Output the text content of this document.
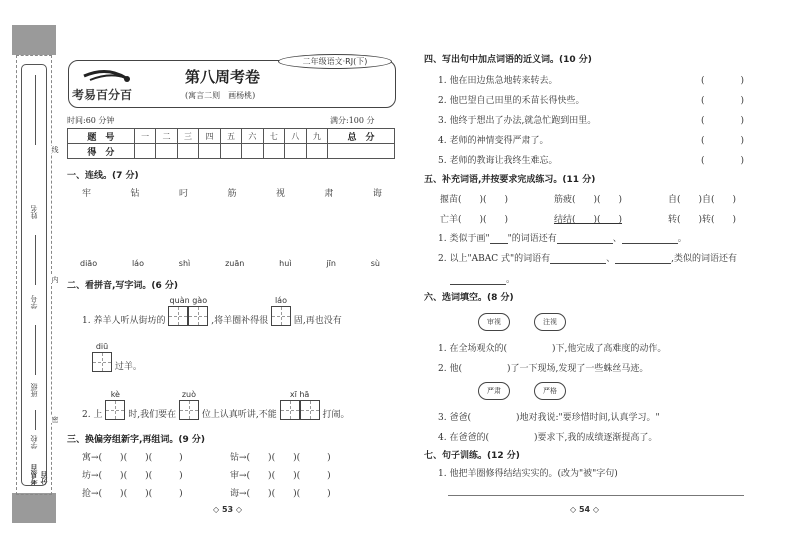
姓名
学号
班级
学校
考易百分百
线
内
密
考易百分百
第八周考卷
(寓言二则　画杨桃)
二年级语文·RJ(下)
时间:60 分钟	满分:100 分
题　号	一	二	三	四	五	六	七	八	九	总　分
得　分										
一、连线。(7 分)
牢	钻	叼	筋	视	肃	诲
diāo	láo	shì	zuān	huì	jīn	sù
二、看拼音,写字词。(6 分)
1. 养羊人听从街坊的
quàn gào
,将羊圈补得很
láo
固,再也没有
diū
过羊。
2. 上
kè
时,我们要在
zuò
位上认真听讲,不能
xī hā
打闹。
三、换偏旁组新字,再组词。(9 分)
寓→(　　)(　　)(　　　)
坊→(　　)(　　)(　　　)
抢→(　　)(　　)(　　　)
钻→(　　)(　　)(　　　)
审→(　　)(　　)(　　　)
诲→(　　)(　　)(　　　)
◇ 53 ◇
四、写出句中加点词语的近义词。(10 分)
1. 他在田边焦急地转来转去。	(　　　　)
2. 他巴望自己田里的禾苗长得快些。	(　　　　)
3. 他终于想出了办法,就急忙跑到田里。	(　　　　)
4. 老师的神情变得严肃了。	(　　　　)
5. 老师的教诲让我终生难忘。	(　　　　)
五、补充词语,并按要求完成练习。(11 分)
揠苗(　　)(　　)	筋疲(　　)(　　)	自(　　)自(　　)
亡羊(　　)(　　)	结结(　　)(　　)	转(　　)转(　　)
1. 类似于画" "的词语还有	、	。
2. 以上"ABAC 式"的词语有	、	,类似的词语还有
。
六、选词填空。(8 分)
审视	注视
1. 在全场观众的(　　　　　)下,他完成了高难度的动作。
2. 他(　　　　　)了一下现场,发现了一些蛛丝马迹。
严肃	严格
3. 爸爸(　　　　　)地对我说:"要珍惜时间,认真学习。"
4. 在爸爸的(　　　　　)要求下,我的成绩逐渐提高了。
七、句子训练。(12 分)
1. 他把羊圈修得结结实实的。(改为"被"字句)
◇ 54 ◇
